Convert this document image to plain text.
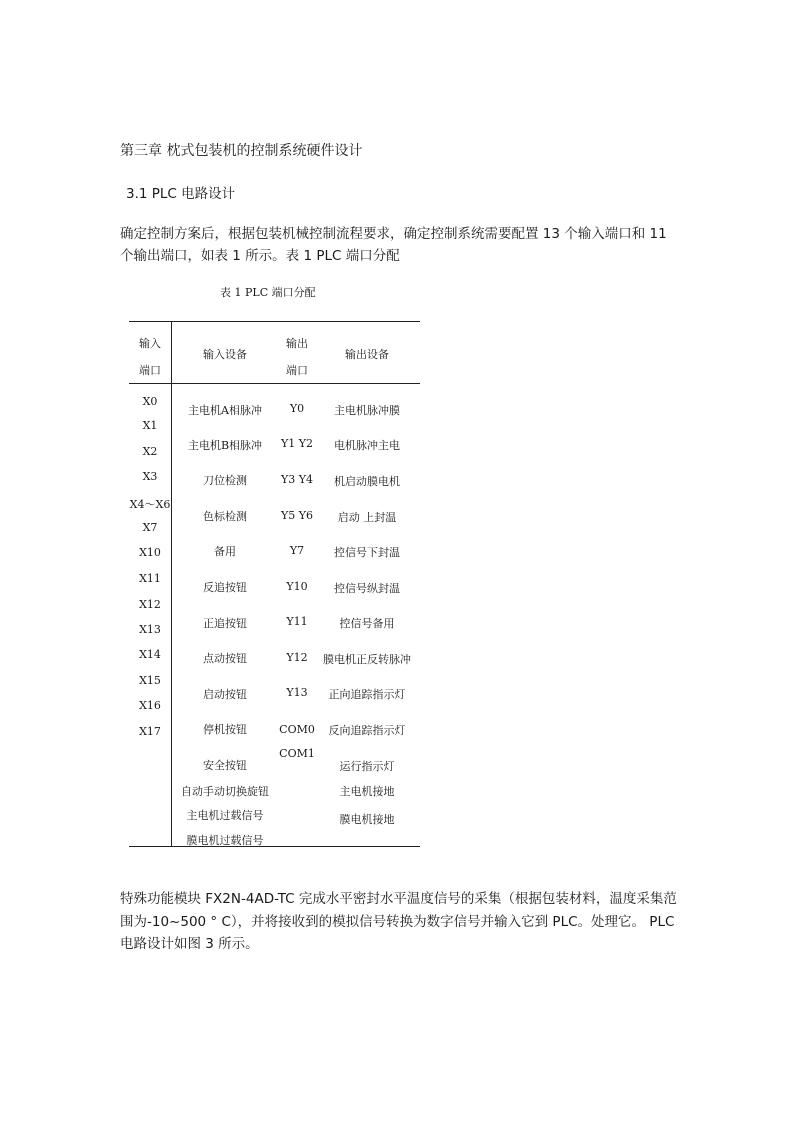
第三章 枕式包装机的控制系统硬件设计
3.1 PLC 电路设计
确定控制方案后，根据包装机械控制流程要求，确定控制系统需要配置 13 个输入端口和 11
个输出端口，如表 1 所示。表 1 PLC 端口分配
表 1 PLC 端口分配
输入
端口
输入设备
输出
端口
输出设备
X0
X1
X2
X3
X4～X6
X7
X10
X11
X12
X13
X14
X15
X16
X17
主电机A相脉冲
主电机B相脉冲
刀位检测
色标检测
备用
反追按钮
正追按钮
点动按钮
启动按钮
停机按钮
安全按钮
自动手动切换旋钮
主电机过载信号
膜电机过载信号
Y0
Y1 Y2
Y3 Y4
Y5 Y6
Y7
Y10
Y11
Y12
Y13
COM0
COM1
主电机脉冲膜
电机脉冲主电
机启动膜电机
启动 上封温
控信号下封温
控信号纵封温
控信号备用
膜电机正反转脉冲
正向追踪指示灯
反向追踪指示灯
运行指示灯
主电机接地
膜电机接地
特殊功能模块 FX2N-4AD-TC 完成水平密封水平温度信号的采集（根据包装材料，温度采集范
围为-10~500 ° C），并将接收到的模拟信号转换为数字信号并输入它到 PLC。处理它。 PLC
电路设计如图 3 所示。
